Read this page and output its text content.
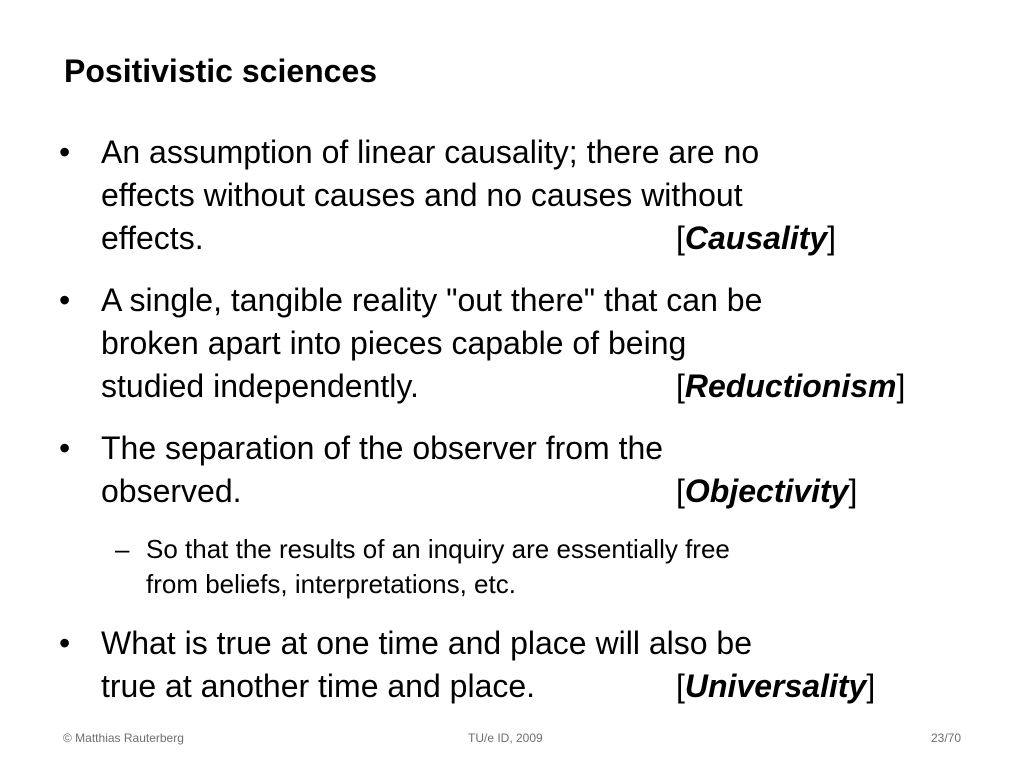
Positivistic sciences
• An assumption of linear causality; there are no
effects without causes and no causes without
effects.	[Causality]
• A single, tangible reality "out there" that can be
broken apart into pieces capable of being
studied independently.	[Reductionism]
• The separation of the observer from the
observed.	[Objectivity]
– So that the results of an inquiry are essentially free
from beliefs, interpretations, etc.
• What is true at one time and place will also be
true at another time and place.	[Universality]
© Matthias Rauterberg	TU/e ID, 2009	23/70
